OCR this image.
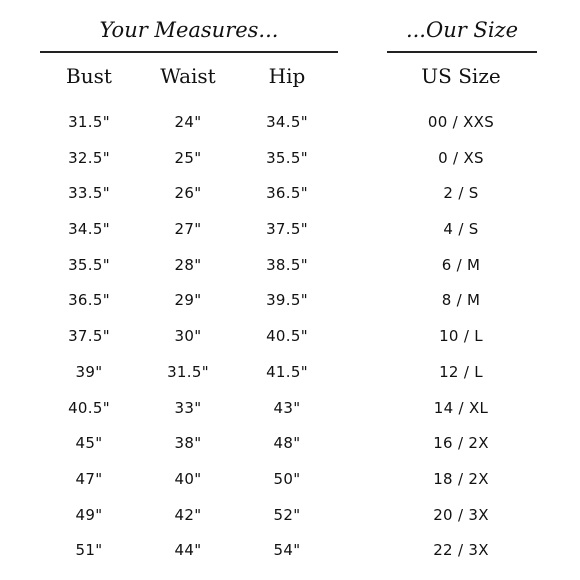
Your Measures...	...Our Size
Bust Waist	Hip	US Size
31.5"	24"	34.5"	00 / XXS
32.5"	25"	35.5"	0 / XS
33.5"	26"	36.5"	2 / S
34.5"	27"	37.5"	4 / S
35.5"	28"	38.5"	6 / M
36.5"	29"	39.5"	8 / M
37.5"	30"	40.5"	10 / L
39"	31.5"	41.5"	12 / L
40.5"	33"	43"	14 / XL
45"	38"	48"	16 / 2X
47"	40"	50"	18 / 2X
49"	42"	52"	20 / 3X
51"	44"	54"	22 / 3X
